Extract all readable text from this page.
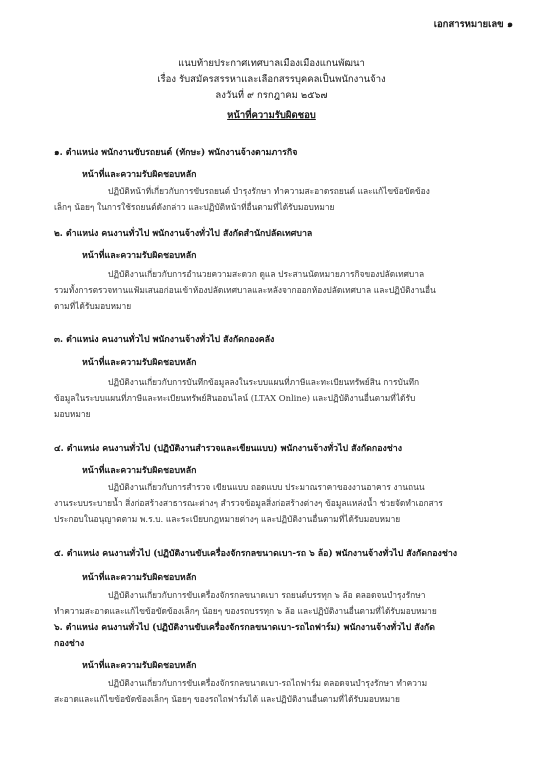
เอกสารหมายเลข ๑
แนบท้ายประกาศเทศบาลเมืองเมืองแกนพัฒนา
เรื่อง รับสมัครสรรหาและเลือกสรรบุคคลเป็นพนักงานจ้าง
ลงวันที่ ๙ กรกฎาคม ๒๕๖๗
หน้าที่ความรับผิดชอบ
๑. ตำแหน่ง พนักงานขับรถยนต์ (ทักษะ) พนักงานจ้างตามภารกิจ
หน้าที่และความรับผิดชอบหลัก
ปฏิบัติหน้าที่เกี่ยวกับการขับรถยนต์ บำรุงรักษา ทำความสะอาดรถยนต์ และแก้ไขข้อขัดข้อง
เล็กๆ น้อยๆ ในการใช้รถยนต์ดังกล่าว และปฏิบัติหน้าที่อื่นตามที่ได้รับมอบหมาย
๒. ตำแหน่ง คนงานทั่วไป พนักงานจ้างทั่วไป สังกัดสำนักปลัดเทศบาล
หน้าที่และความรับผิดชอบหลัก
ปฏิบัติงานเกี่ยวกับการอำนวยความสะดวก ดูแล ประสานนัดหมายภารกิจของปลัดเทศบาล
รวมทั้งการตรวจทานแฟ้มเสนอก่อนเข้าห้องปลัดเทศบาลและหลังจากออกห้องปลัดเทศบาล และปฏิบัติงานอื่น
ตามที่ได้รับมอบหมาย
๓. ตำแหน่ง คนงานทั่วไป พนักงานจ้างทั่วไป สังกัดกองคลัง
หน้าที่และความรับผิดชอบหลัก
ปฏิบัติงานเกี่ยวกับการบันทึกข้อมูลลงในระบบแผนที่ภาษีและทะเบียนทรัพย์สิน การบันทึก
ข้อมูลในระบบแผนที่ภาษีและทะเบียนทรัพย์สินออนไลน์ (LTAX Online) และปฏิบัติงานอื่นตามที่ได้รับ
มอบหมาย
๔. ตำแหน่ง คนงานทั่วไป (ปฏิบัติงานสำรวจและเขียนแบบ) พนักงานจ้างทั่วไป สังกัดกองช่าง
หน้าที่และความรับผิดชอบหลัก
ปฏิบัติงานเกี่ยวกับการสำรวจ เขียนแบบ ถอดแบบ ประมาณราคาของงานอาคาร งานถนน
งานระบบระบายน้ำ สิ่งก่อสร้างสาธารณะต่างๆ สำรวจข้อมูลสิ่งก่อสร้างต่างๆ ข้อมูลแหล่งน้ำ ช่วยจัดทำเอกสาร
ประกอบในอนุญาตตาม พ.ร.บ. และระเบียบกฎหมายต่างๆ และปฏิบัติงานอื่นตามที่ได้รับมอบหมาย
๕. ตำแหน่ง คนงานทั่วไป (ปฏิบัติงานขับเครื่องจักรกลขนาดเบา-รถ ๖ ล้อ) พนักงานจ้างทั่วไป สังกัดกองช่าง
หน้าที่และความรับผิดชอบหลัก
ปฏิบัติงานเกี่ยวกับการขับเครื่องจักรกลขนาดเบา รถยนต์บรรทุก ๖ ล้อ ตลอดจนบำรุงรักษา
ทำความสะอาดและแก้ไขข้อขัดข้องเล็กๆ น้อยๆ ของรถบรรทุก ๖ ล้อ และปฏิบัติงานอื่นตามที่ได้รับมอบหมาย
๖. ตำแหน่ง คนงานทั่วไป (ปฏิบัติงานขับเครื่องจักรกลขนาดเบา-รถไถฟาร์ม) พนักงานจ้างทั่วไป สังกัด
กองช่าง
หน้าที่และความรับผิดชอบหลัก
ปฏิบัติงานเกี่ยวกับการขับเครื่องจักรกลขนาดเบา-รถไถฟาร์ม ตลอดจนบำรุงรักษา ทำความ
สะอาดและแก้ไขข้อขัดข้องเล็กๆ น้อยๆ ของรถไถฟาร์มได้ และปฏิบัติงานอื่นตามที่ได้รับมอบหมาย
